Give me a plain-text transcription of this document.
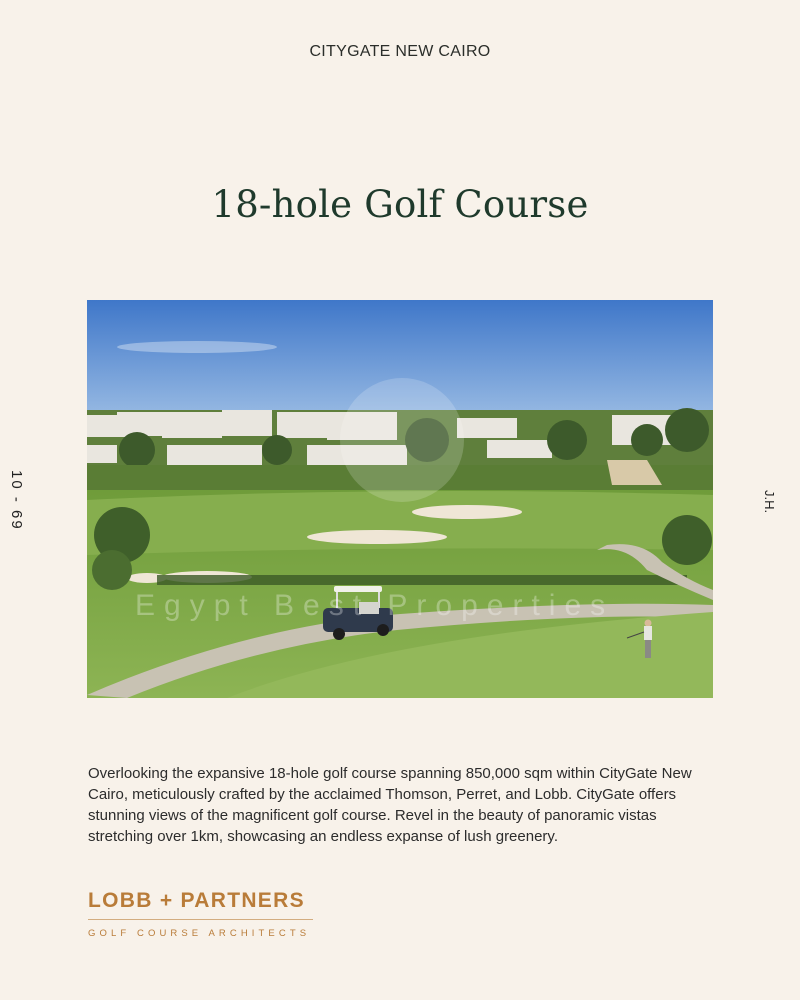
CITYGATE NEW CAIRO
18-hole Golf Course
10 - 69	J.H.
Egypt Best Properties

Overlooking the expansive 18-hole golf course spanning 850,000 sqm within CityGate New Cairo, meticulously crafted by the acclaimed Thomson, Perret, and Lobb. CityGate offers stunning views of the magnificent golf course. Revel in the beauty of panoramic vistas stretching over 1km, showcasing an endless expanse of lush greenery.

LOBB + PARTNERS
GOLF COURSE ARCHITECTS
